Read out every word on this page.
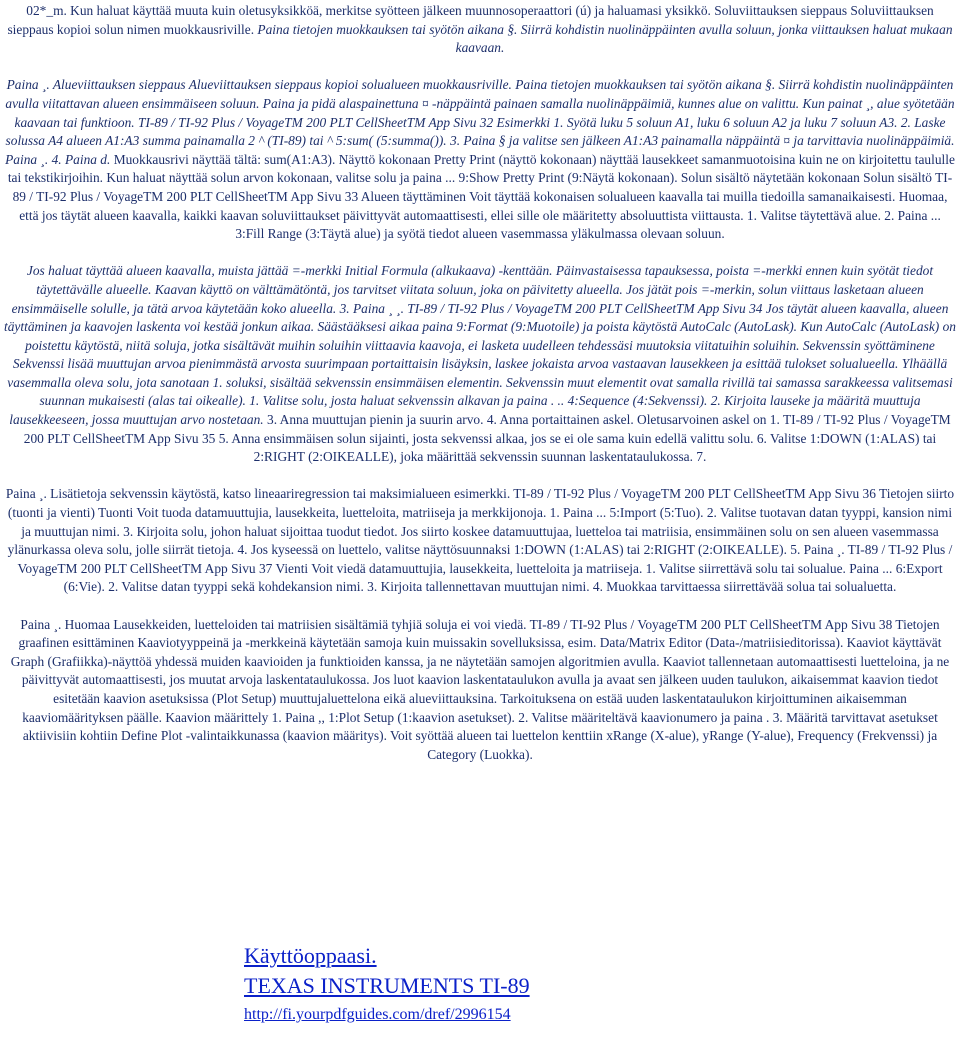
02*_m. Kun haluat käyttää muuta kuin oletusyksikköä, merkitse syötteen jälkeen muunnosoperaattori (ú) ja haluamasi yksikkö. Soluviittauksen sieppaus Soluviittauksen sieppaus kopioi solun nimen muokkausriville. Paina tietojen muokkauksen tai syötön aikana §. Siirrä kohdistin nuolinäppäinten avulla soluun, jonka viittauksen haluat mukaan kaavaan.

Paina ¸. Alueviittauksen sieppaus Alueviittauksen sieppaus kopioi solualueen muokkausriville. Paina tietojen muokkauksen tai syötön aikana §. Siirrä kohdistin nuolinäppäinten avulla viitattavan alueen ensimmäiseen soluun. Paina ja pidä alaspainettuna ¤ -näppäintä painaen samalla nuolinäppäimiä, kunnes alue on valittu. Kun painat ¸, alue syötetään kaavaan tai funktioon. TI-89 / TI-92 Plus / VoyageTM 200 PLT CellSheetTM App Sivu 32 Esimerkki 1. Syötä luku 5 soluun A1, luku 6 soluun A2 ja luku 7 soluun A3. 2. Laske solussa A4 alueen A1:A3 summa painamalla 2 ^ (TI-89) tai ^ 5:sum( (5:summa()). 3. Paina § ja valitse sen jälkeen A1:A3 painamalla näppäintä ¤ ja tarvittavia nuolinäppäimiä. Paina ¸. 4. Paina d. Muokkausrivi näyttää tältä: sum(A1:A3). Näyttö kokonaan Pretty Print (näyttö kokonaan) näyttää lausekkeet samanmuotoisina kuin ne on kirjoitettu taululle tai tekstikirjoihin. Kun haluat näyttää solun arvon kokonaan, valitse solu ja paina ... 9:Show Pretty Print (9:Näytä kokonaan). Solun sisältö näytetään kokonaan Solun sisältö TI-89 / TI-92 Plus / VoyageTM 200 PLT CellSheetTM App Sivu 33 Alueen täyttäminen Voit täyttää kokonaisen solualueen kaavalla tai muilla tiedoilla samanaikaisesti. Huomaa, että jos täytät alueen kaavalla, kaikki kaavan soluviittaukset päivittyvät automaattisesti, ellei sille ole määritetty absoluuttista viittausta. 1. Valitse täytettävä alue. 2. Paina ... 3:Fill Range (3:Täytä alue) ja syötä tiedot alueen vasemmassa yläkulmassa olevaan soluun.

Jos haluat täyttää alueen kaavalla, muista jättää =-merkki Initial Formula (alkukaava) -kenttään. Päinvastaisessa tapauksessa, poista =-merkki ennen kuin syötät tiedot täytettävälle alueelle. Kaavan käyttö on välttämätöntä, jos tarvitset viitata soluun, joka on päivitetty alueella. Jos jätät pois =-merkin, solun viittaus lasketaan alueen ensimmäiselle solulle, ja tätä arvoa käytetään koko alueella. 3. Paina ¸ ¸. TI-89 / TI-92 Plus / VoyageTM 200 PLT CellSheetTM App Sivu 34 Jos täytät alueen kaavalla, alueen täyttäminen ja kaavojen laskenta voi kestää jonkun aikaa. Säästääksesi aikaa paina 9:Format (9:Muotoile) ja poista käytöstä AutoCalc (AutoLask). Kun AutoCalc (AutoLask) on poistettu käytöstä, niitä soluja, jotka sisältävät muihin soluihin viittaavia kaavoja, ei lasketa uudelleen tehdessäsi muutoksia viitatuihin soluihin. Sekvenssin syöttäminene Sekvenssi lisää muuttujan arvoa pienimmästä arvosta suurimpaan portaittaisin lisäyksin, laskee jokaista arvoa vastaavan lausekkeen ja esittää tulokset solualueella. Ylhäällä vasemmalla oleva solu, jota sanotaan 1. soluksi, sisältää sekvenssin ensimmäisen elementin. Sekvenssin muut elementit ovat samalla rivillä tai samassa sarakkeessa valitsemasi suunnan mukaisesti (alas tai oikealle). 1. Valitse solu, josta haluat sekvenssin alkavan ja paina . .. 4:Sequence (4:Sekvenssi). 2. Kirjoita lauseke ja määritä muuttuja lausekkeeseen, jossa muuttujan arvo nostetaan. 3. Anna muuttujan pienin ja suurin arvo. 4. Anna portaittainen askel. Oletusarvoinen askel on 1. TI-89 / TI-92 Plus / VoyageTM 200 PLT CellSheetTM App Sivu 35 5. Anna ensimmäisen solun sijainti, josta sekvenssi alkaa, jos se ei ole sama kuin edellä valittu solu. 6. Valitse 1:DOWN (1:ALAS) tai 2:RIGHT (2:OIKEALLE), joka määrittää sekvenssin suunnan laskentataulukossa. 7.

Paina ¸. Lisätietoja sekvenssin käytöstä, katso lineaariregression tai maksimialueen esimerkki. TI-89 / TI-92 Plus / VoyageTM 200 PLT CellSheetTM App Sivu 36 Tietojen siirto (tuonti ja vienti) Tuonti Voit tuoda datamuuttujia, lausekkeita, luetteloita, matriiseja ja merkkijonoja. 1. Paina ... 5:Import (5:Tuo). 2. Valitse tuotavan datan tyyppi, kansion nimi ja muuttujan nimi. 3. Kirjoita solu, johon haluat sijoittaa tuodut tiedot. Jos siirto koskee datamuuttujaa, luetteloa tai matriisia, ensimmäinen solu on sen alueen vasemmassa ylänurkassa oleva solu, jolle siirrät tietoja. 4. Jos kyseessä on luettelo, valitse näyttösuunnaksi 1:DOWN (1:ALAS) tai 2:RIGHT (2:OIKEALLE). 5. Paina ¸. TI-89 / TI-92 Plus / VoyageTM 200 PLT CellSheetTM App Sivu 37 Vienti Voit viedä datamuuttujia, lausekkeita, luetteloita ja matriiseja. 1. Valitse siirrettävä solu tai solualue. Paina ... 6:Export (6:Vie). 2. Valitse datan tyyppi sekä kohdekansion nimi. 3. Kirjoita tallennettavan muuttujan nimi. 4. Muokkaa tarvittaessa siirrettävää solua tai solualuetta.

Paina ¸. Huomaa Lausekkeiden, luetteloiden tai matriisien sisältämiä tyhjiä soluja ei voi viedä. TI-89 / TI-92 Plus / VoyageTM 200 PLT CellSheetTM App Sivu 38 Tietojen graafinen esittäminen Kaaviotyyppeinä ja -merkkeinä käytetään samoja kuin muissakin sovelluksissa, esim. Data/Matrix Editor (Data-/matriisieditorissa). Kaaviot käyttävät Graph (Grafiikka)-näyttöä yhdessä muiden kaavioiden ja funktioiden kanssa, ja ne näytetään samojen algoritmien avulla. Kaaviot tallennetaan automaattisesti luetteloina, ja ne päivittyvät automaattisesti, jos muutat arvoja laskentataulukossa. Jos luot kaavion laskentataulukon avulla ja avaat sen jälkeen uuden taulukon, aikaisemmat kaavion tiedot esitetään kaavion asetuksissa (Plot Setup) muuttujaluettelona eikä alueviittauksina. Tarkoituksena on estää uuden laskentataulukon kirjoittuminen aikaisemman kaaviomäärityksen päälle. Kaavion määrittely 1. Paina ,, 1:Plot Setup (1:kaavion asetukset). 2. Valitse määriteltävä kaavionumero ja paina . 3. Määritä tarvittavat asetukset aktiivisiin kohtiin Define Plot -valintaikkunassa (kaavion määritys). Voit syöttää alueen tai luettelon kenttiin xRange (X-alue), yRange (Y-alue), Frequency (Frekvenssi) ja Category (Luokka).

Käyttöoppaasi.
TEXAS INSTRUMENTS TI-89
http://fi.yourpdfguides.com/dref/2996154
